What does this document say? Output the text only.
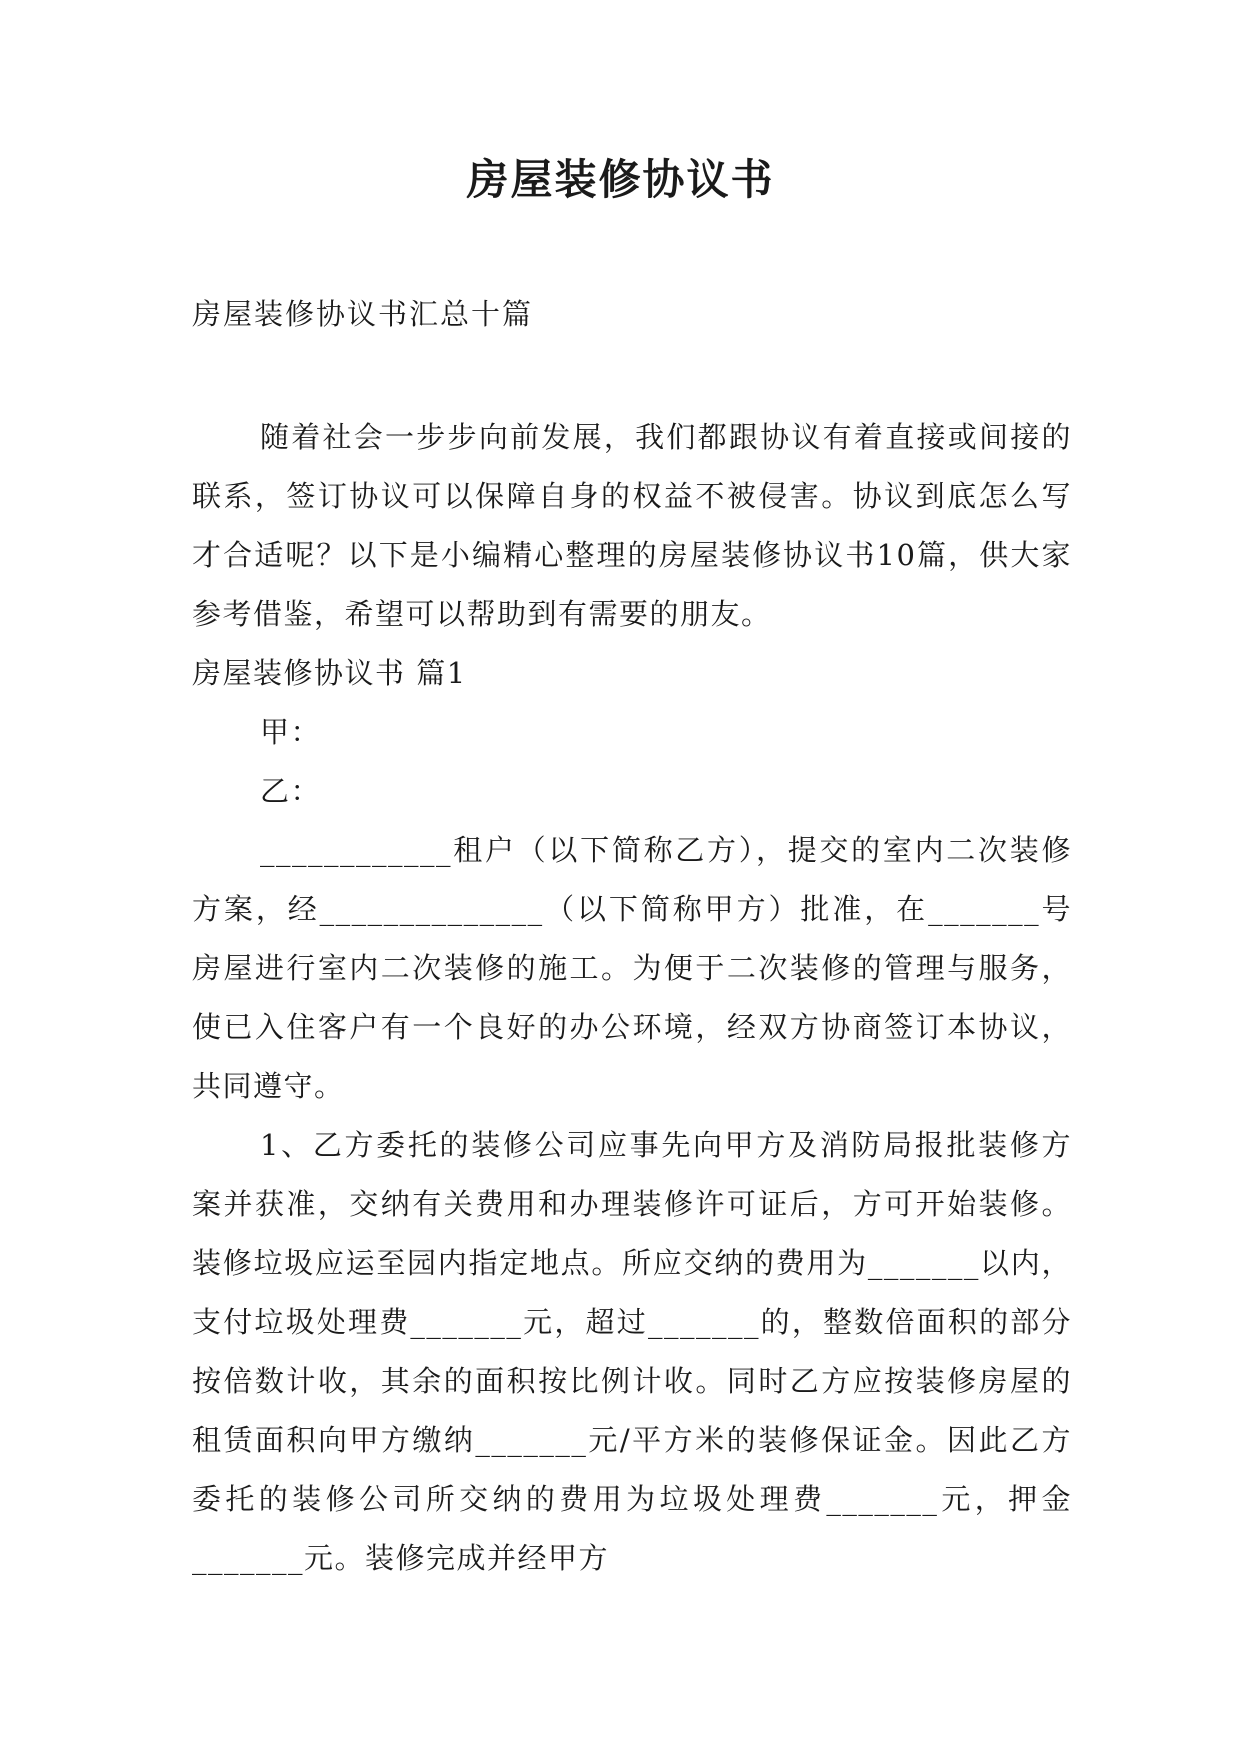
房屋装修协议书
房屋装修协议书汇总十篇

随着社会一步步向前发展，我们都跟协议有着直接或间接的联系，签订协议可以保障自身的权益不被侵害。协议到底怎么写才合适呢？以下是小编精心整理的房屋装修协议书10篇，供大家参考借鉴，希望可以帮助到有需要的朋友。

房屋装修协议书 篇1

甲：

乙：

____________租户（以下简称乙方），提交的室内二次装修方案，经______________（以下简称甲方）批准，在_______号房屋进行室内二次装修的施工。为便于二次装修的管理与服务，使已入住客户有一个良好的办公环境，经双方协商签订本协议，共同遵守。

1、乙方委托的装修公司应事先向甲方及消防局报批装修方案并获准，交纳有关费用和办理装修许可证后，方可开始装修。装修垃圾应运至园内指定地点。所应交纳的费用为_______以内，支付垃圾处理费_______元，超过_______的，整数倍面积的部分按倍数计收，其余的面积按比例计收。同时乙方应按装修房屋的租赁面积向甲方缴纳_______元/平方米的装修保证金。因此乙方委托的装修公司所交纳的费用为垃圾处理费_______元，押金_______元。装修完成并经甲方
